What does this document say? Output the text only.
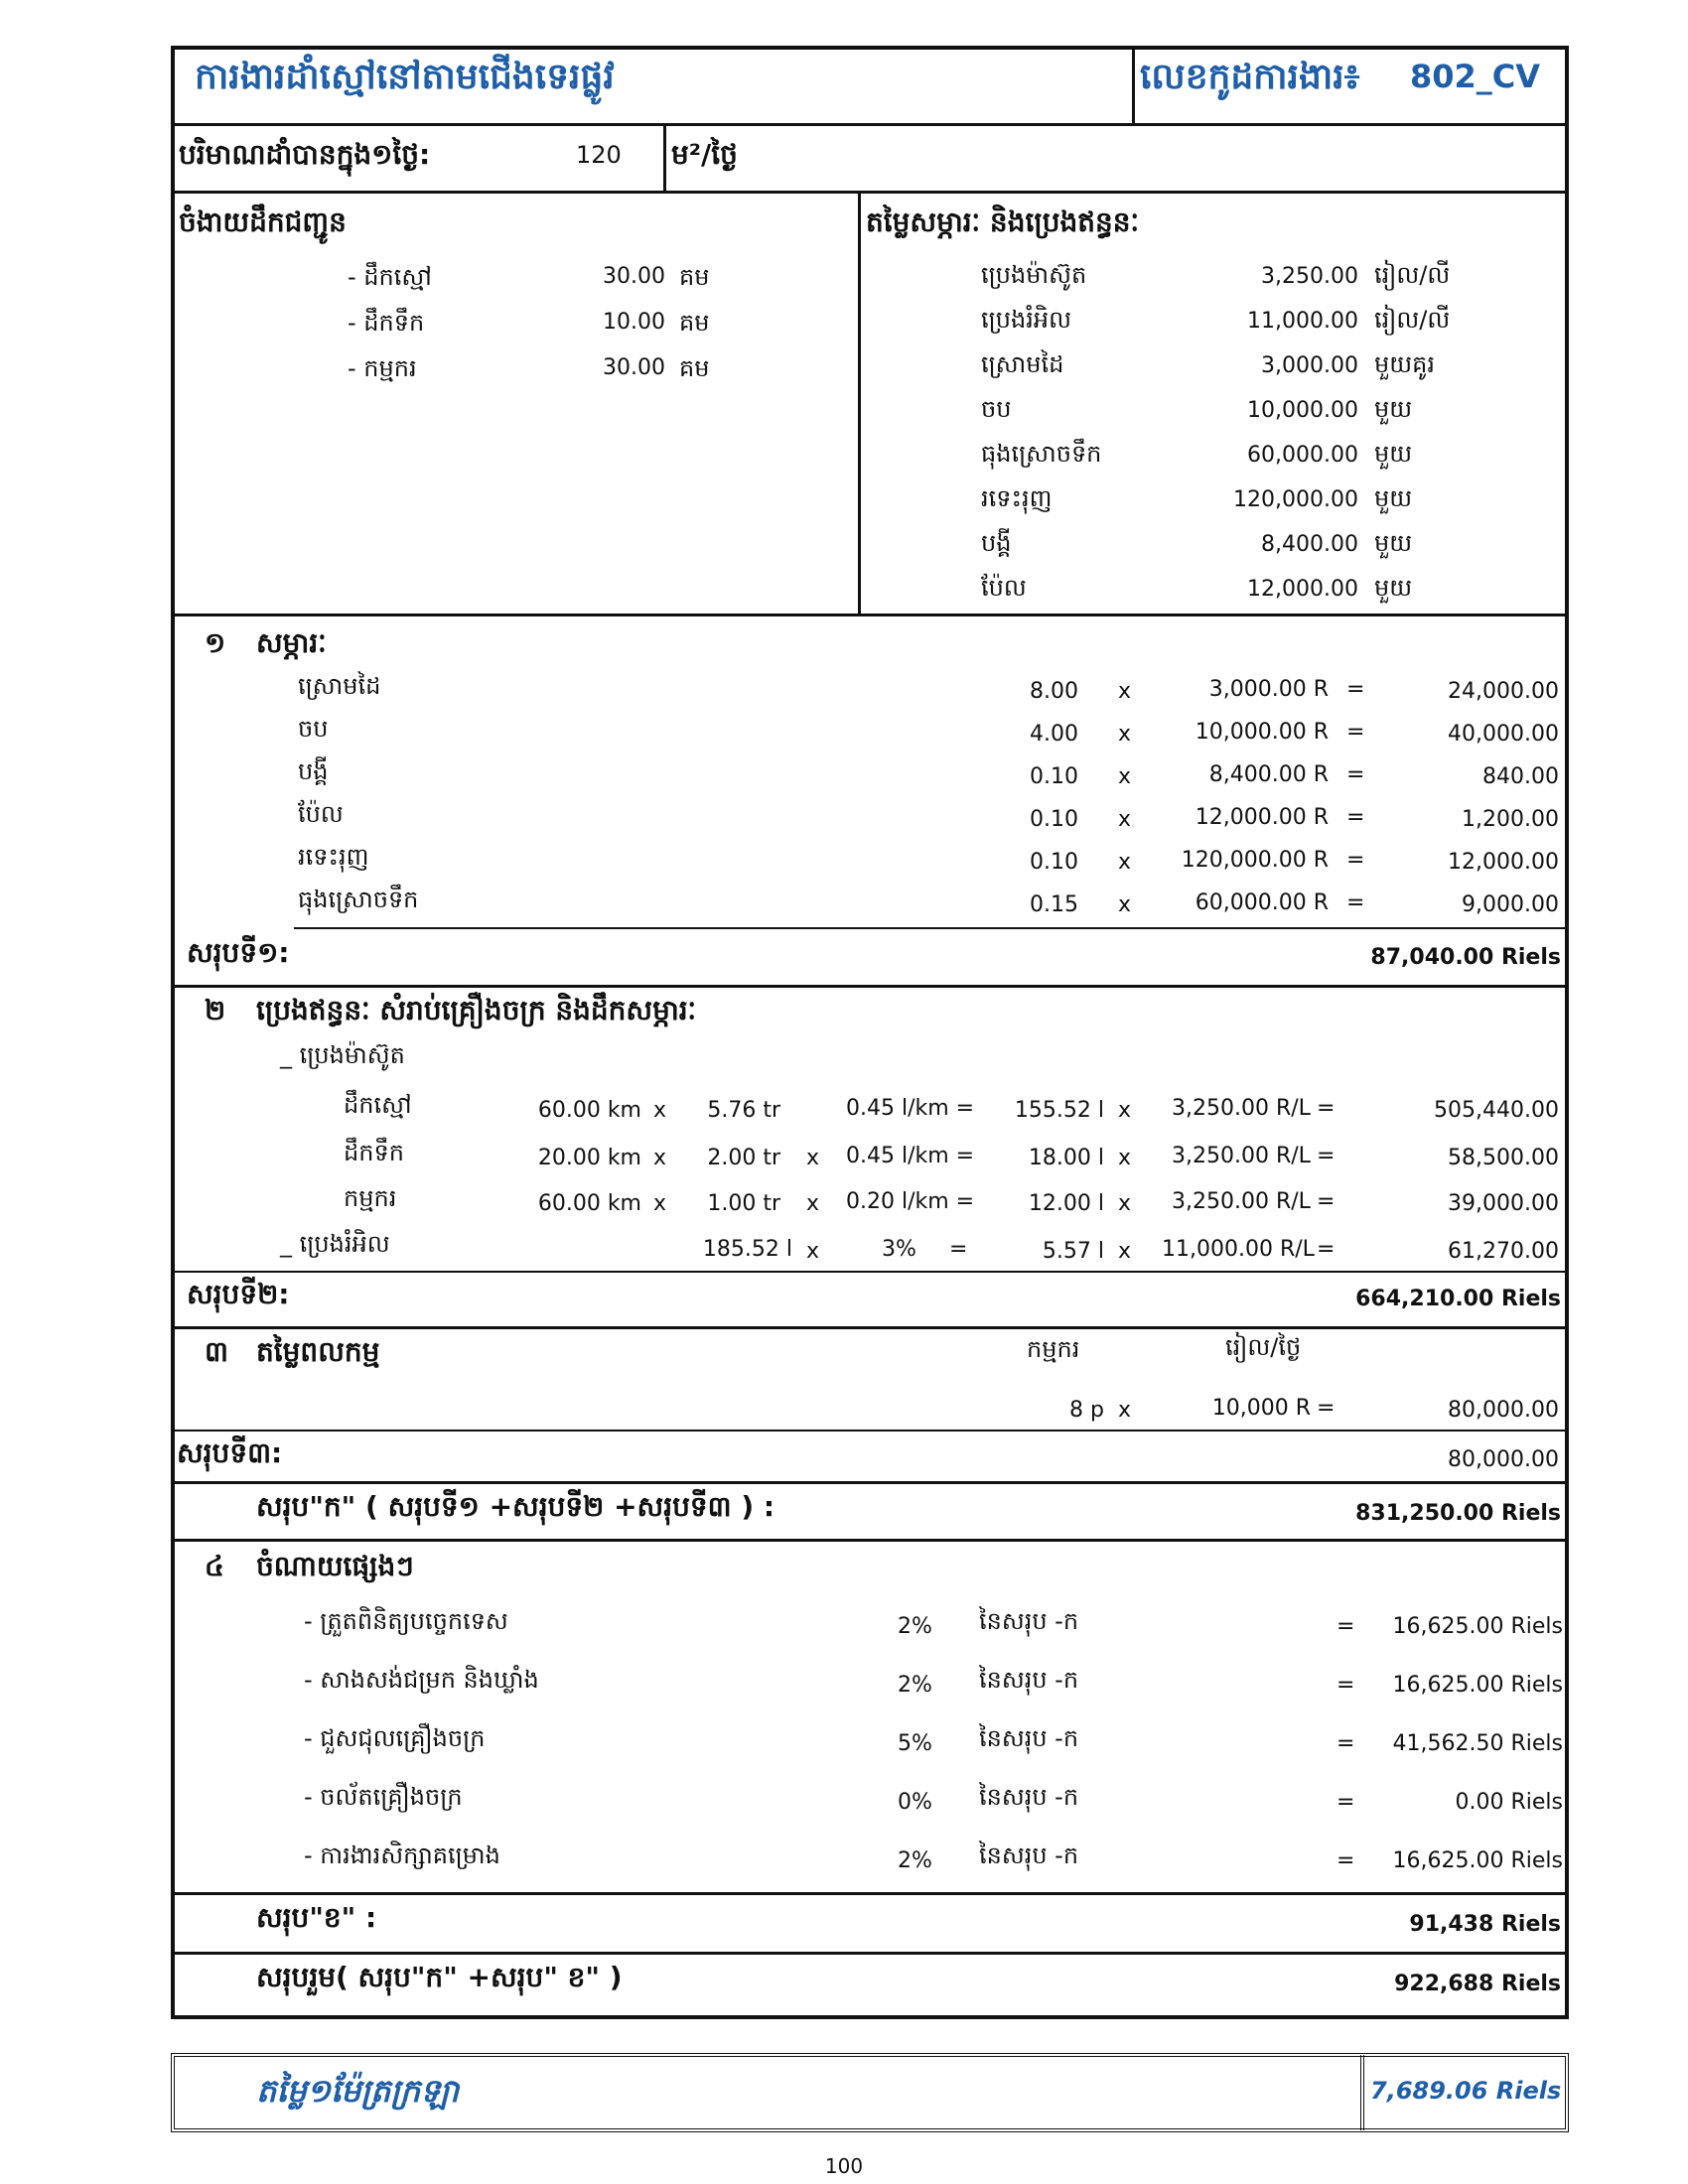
ការងារដាំស្មៅនៅតាមជើងទេរផ្លូវ	លេខកូដការងារ៖ 802_CV
បរិមាណដាំបានក្នុង១ថ្ងៃ:	120 ម²/ថ្ងៃ
ចំងាយដឹកជញ្ជូន	តម្លៃសម្ភារៈ និងប្រេងឥន្ធនៈ
- ដឹកស្មៅ	30.00 គម
- ដឹកទឹក	10.00 គម
- កម្មករ	30.00 គម
ប្រេងម៉ាស៊ូត	3,250.00 រៀល/លី
ប្រេងរំអិល	11,000.00 រៀល/លី
ស្រោមដៃ	3,000.00 មួយគូរ
ចប	10,000.00 មួយ
ធុងស្រោចទឹក	60,000.00 មួយ
រទេះរុញ	120,000.00 មួយ
បង្គី	8,400.00 មួយ
ប៉ែល	12,000.00 មួយ
១ សម្ភារៈ
ស្រោមដៃ	8.00 x	3,000.00 R =	24,000.00
ចប	4.00 x	10,000.00 R =	40,000.00
បង្គី	0.10 x	8,400.00 R =	840.00
ប៉ែល	0.10 x	12,000.00 R =	1,200.00
រទេះរុញ	0.10 x	120,000.00 R =	12,000.00
ធុងស្រោចទឹក	0.15 x	60,000.00 R =	9,000.00
សរុបទី១:	87,040.00 Riels
២ ប្រេងឥន្ធនៈ សំរាប់គ្រឿងចក្រ និងដឹកសម្ភារៈ
_ ប្រេងម៉ាស៊ូត
ដឹកស្មៅ	60.00 km x	5.76 tr	0.45 l/km =	155.52 l x 3,250.00 R/L =	505,440.00
ដឹកទឹក	20.00 km x	2.00 tr x 0.45 l/km =	18.00 l x 3,250.00 R/L =	58,500.00
កម្មករ	60.00 km x	1.00 tr x 0.20 l/km =	12.00 l x 3,250.00 R/L =	39,000.00
_ ប្រេងរំអិល	185.52 l x	3% =	5.57 l x 11,000.00 R/L =	61,270.00
សរុបទី២:	664,210.00 Riels
៣ តម្លៃពលកម្ម	កម្មករ	រៀល/ថ្ងៃ
8 p x	10,000 R =	80,000.00
សរុបទី៣:	80,000.00
សរុប"ក" ( សរុបទី១ +សរុបទី២ +សរុបទី៣ ) :	831,250.00 Riels
៤ ចំណាយផ្សេងៗ
- ត្រួតពិនិត្យបច្ចេកទេស	2% នៃសរុប -ក	=	16,625.00 Riels
- សាងសង់ជម្រក និងឃ្លាំង	2% នៃសរុប -ក	=	16,625.00 Riels
- ជួសជុលគ្រឿងចក្រ	5% នៃសរុប -ក	=	41,562.50 Riels
- ចល័តគ្រឿងចក្រ	0% នៃសរុប -ក	=	0.00 Riels
- ការងារសិក្សាគម្រោង	2% នៃសរុប -ក	=	16,625.00 Riels
សរុប"ខ" :	91,438 Riels
សរុបរួម( សរុប"ក" +សរុប" ខ" )	922,688 Riels
តម្លៃ១ម៉ែត្រក្រឡា	7,689.06 Riels
100
